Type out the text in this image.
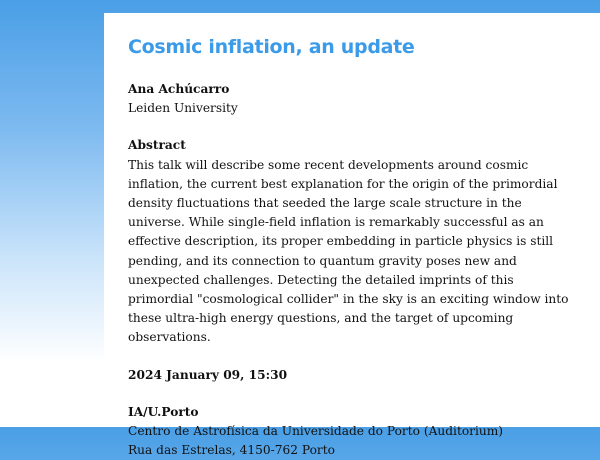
Cosmic inflation, an update
Ana Achúcarro
Leiden University
Abstract
This talk will describe some recent developments around cosmic inflation, the current best explanation for the origin of the primordial density fluctuations that seeded the large scale structure in the universe. While single-field inflation is remarkably successful as an effective description, its proper embedding in particle physics is still pending, and its connection to quantum gravity poses new and unexpected challenges. Detecting the detailed imprints of this primordial "cosmological collider" in the sky is an exciting window into these ultra-high energy questions, and the target of upcoming observations.
2024 January 09, 15:30
IA/U.Porto
Centro de Astrofísica da Universidade do Porto (Auditorium)
Rua das Estrelas, 4150-762 Porto
